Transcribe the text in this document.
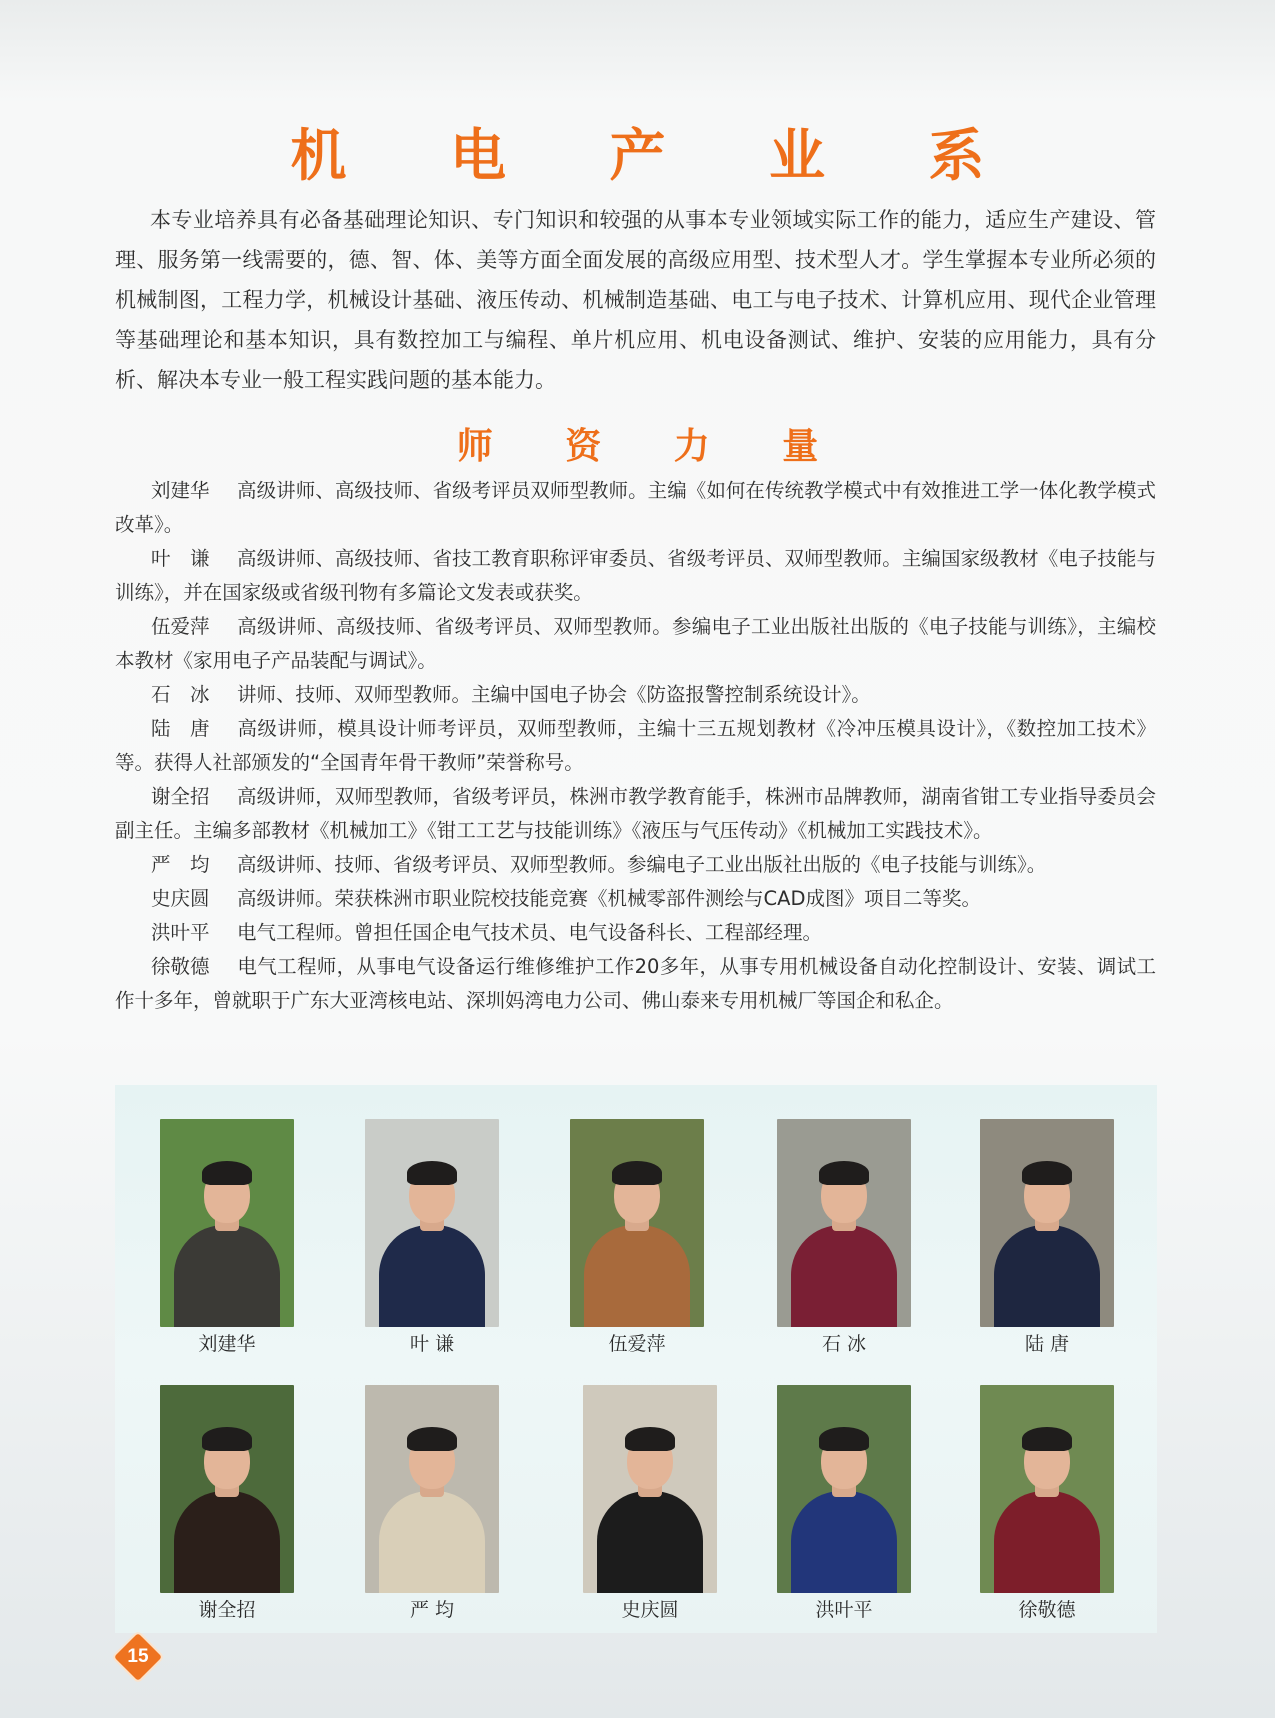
机 电 产 业 系

本专业培养具有必备基础理论知识、专门知识和较强的从事本专业领域实际工作的能力，适应生产建设、管理、服务第一线需要的，德、智、体、美等方面全面发展的高级应用型、技术型人才。学生掌握本专业所必须的机械制图，工程力学，机械设计基础、液压传动、机械制造基础、电工与电子技术、计算机应用、现代企业管理等基础理论和基本知识，具有数控加工与编程、单片机应用、机电设备测试、维护、安装的应用能力，具有分析、解决本专业一般工程实践问题的基本能力。

师 资 力 量

刘建华 高级讲师、高级技师、省级考评员双师型教师。主编《如何在传统教学模式中有效推进工学一体化教学模式改革》。

叶　谦 高级讲师、高级技师、省技工教育职称评审委员、省级考评员、双师型教师。主编国家级教材《电子技能与训练》，并在国家级或省级刊物有多篇论文发表或获奖。

伍爱萍 高级讲师、高级技师、省级考评员、双师型教师。参编电子工业出版社出版的《电子技能与训练》，主编校本教材《家用电子产品装配与调试》。

石　冰 讲师、技师、双师型教师。主编中国电子协会《防盗报警控制系统设计》。

陆　唐 高级讲师，模具设计师考评员，双师型教师，主编十三五规划教材《冷冲压模具设计》，《数控加工技术》等。获得人社部颁发的“全国青年骨干教师”荣誉称号。

谢全招 高级讲师，双师型教师，省级考评员，株洲市教学教育能手，株洲市品牌教师，湖南省钳工专业指导委员会副主任。主编多部教材《机械加工》《钳工工艺与技能训练》《液压与气压传动》《机械加工实践技术》。

严　均 高级讲师、技师、省级考评员、双师型教师。参编电子工业出版社出版的《电子技能与训练》。

史庆圆 高级讲师。荣获株洲市职业院校技能竞赛《机械零部件测绘与CAD成图》项目二等奖。

洪叶平 电气工程师。曾担任国企电气技术员、电气设备科长、工程部经理。

徐敬德 电气工程师，从事电气设备运行维修维护工作20多年，从事专用机械设备自动化控制设计、安装、调试工作十多年，曾就职于广东大亚湾核电站、深圳妈湾电力公司、佛山泰来专用机械厂等国企和私企。

刘建华	叶 谦	伍爱萍	石 冰	陆 唐
谢全招	严 均	史庆圆	洪叶平	徐敬德
15
